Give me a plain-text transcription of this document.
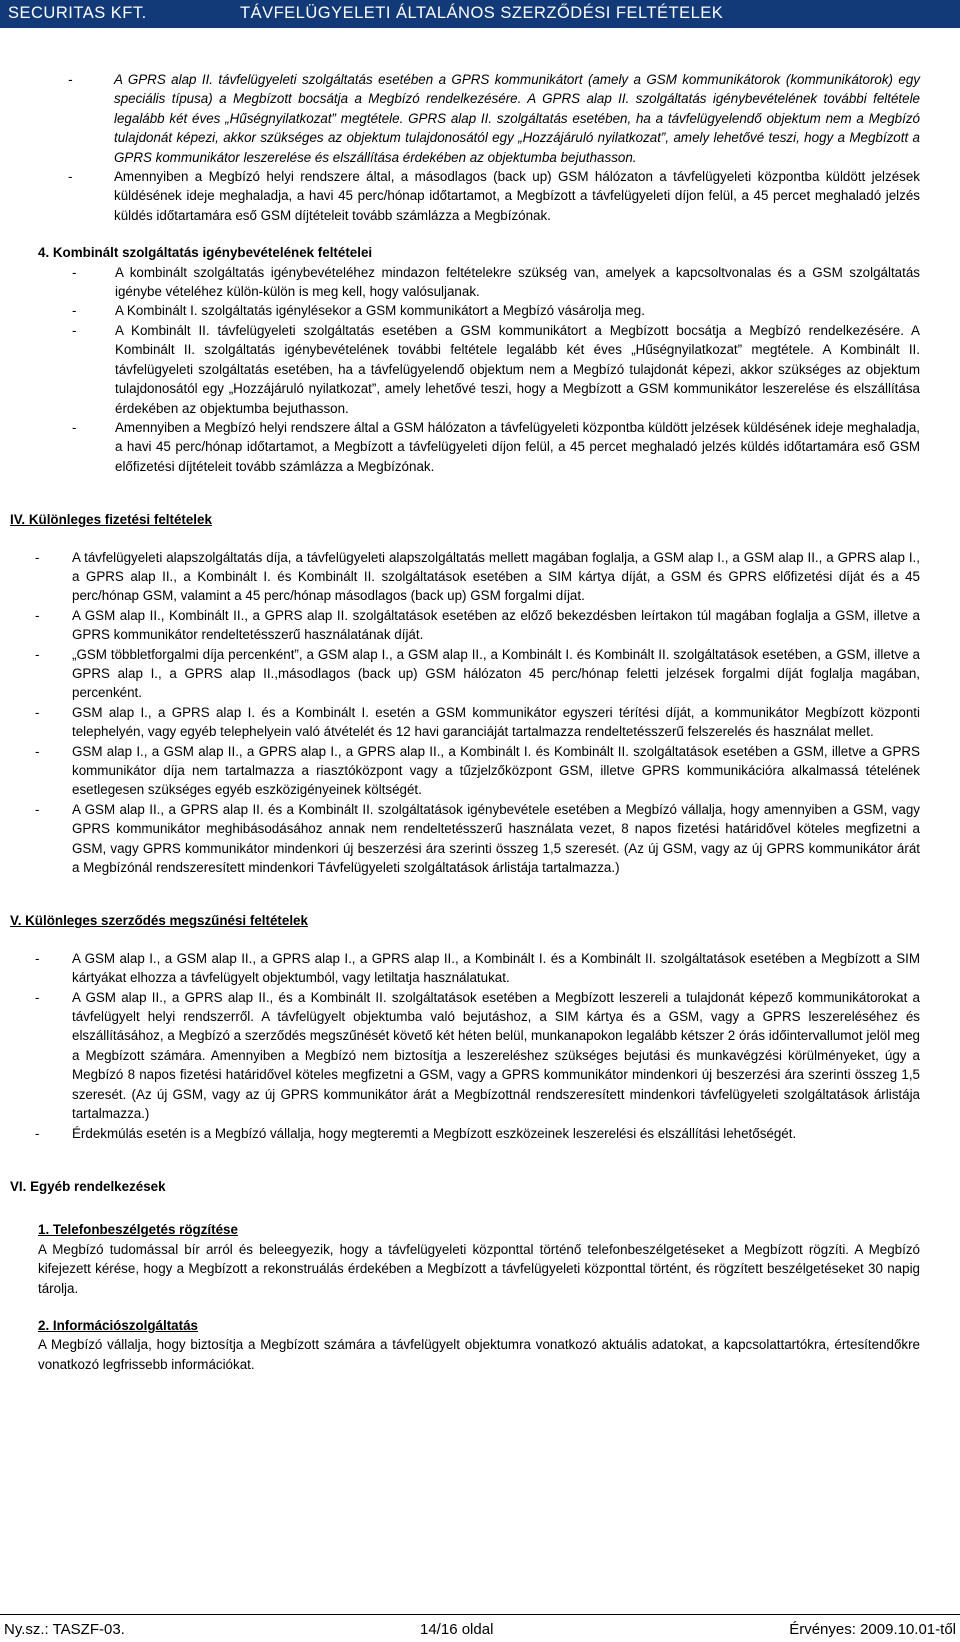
SECURITAS KFT.	TÁVFELÜGYELETI ÁLTALÁNOS SZERZŐDÉSI FELTÉTELEK
-	A GPRS alap II. távfelügyeleti szolgáltatás esetében a GPRS kommunikátort (amely a GSM kommunikátorok (kommunikátorok) egy speciális típusa) a Megbízott bocsátja a Megbízó rendelkezésére. A GPRS alap II. szolgáltatás igénybevételének további feltétele legalább két éves „Hűségnyilatkozat” megtétele. GPRS alap II. szolgáltatás esetében, ha a távfelügyelendő objektum nem a Megbízó tulajdonát képezi, akkor szükséges az objektum tulajdonosától egy „Hozzájáruló nyilatkozat”, amely lehetővé teszi, hogy a Megbízott a GPRS kommunikátor leszerelése és elszállítása érdekében az objektumba bejuthasson.
-	Amennyiben a Megbízó helyi rendszere által, a másodlagos (back up) GSM hálózaton a távfelügyeleti központba küldött jelzések küldésének ideje meghaladja, a havi 45 perc/hónap időtartamot, a Megbízott a távfelügyeleti díjon felül, a 45 percet meghaladó jelzés küldés időtartamára eső GSM díjtételeit tovább számlázza a Megbízónak.
4. Kombinált szolgáltatás igénybevételének feltételei
-	A kombinált szolgáltatás igénybevételéhez mindazon feltételekre szükség van, amelyek a kapcsoltvonalas és a GSM szolgáltatás igénybe vételéhez külön-külön is meg kell, hogy valósuljanak.
-	A Kombinált I. szolgáltatás igénylésekor a GSM kommunikátort a Megbízó vásárolja meg.
-	A Kombinált II. távfelügyeleti szolgáltatás esetében a GSM kommunikátort a Megbízott bocsátja a Megbízó rendelkezésére. A Kombinált II. szolgáltatás igénybevételének további feltétele legalább két éves „Hűségnyilatkozat” megtétele. A Kombinált II. távfelügyeleti szolgáltatás esetében, ha a távfelügyelendő objektum nem a Megbízó tulajdonát képezi, akkor szükséges az objektum tulajdonosától egy „Hozzájáruló nyilatkozat”, amely lehetővé teszi, hogy a Megbízott a GSM kommunikátor leszerelése és elszállítása érdekében az objektumba bejuthasson.
-	Amennyiben a Megbízó helyi rendszere által a GSM hálózaton a távfelügyeleti központba küldött jelzések küldésének ideje meghaladja, a havi 45 perc/hónap időtartamot, a Megbízott a távfelügyeleti díjon felül, a 45 percet meghaladó jelzés küldés időtartamára eső GSM előfizetési díjtételeit tovább számlázza a Megbízónak.
IV. Különleges fizetési feltételek
- A távfelügyeleti alapszolgáltatás díja, a távfelügyeleti alapszolgáltatás mellett magában foglalja, a GSM alap I., a GSM alap II., a GPRS alap I., a GPRS alap II., a Kombinált I. és Kombinált II. szolgáltatások esetében a SIM kártya díját, a GSM és GPRS előfizetési díját és a 45 perc/hónap GSM, valamint a 45 perc/hónap másodlagos (back up) GSM forgalmi díjat.
- A GSM alap II., Kombinált II., a GPRS alap II. szolgáltatások esetében az előző bekezdésben leírtakon túl magában foglalja a GSM, illetve a GPRS kommunikátor rendeltetésszerű használatának díját.
- „GSM többletforgalmi díja percenként”, a GSM alap I., a GSM alap II., a Kombinált I. és Kombinált II. szolgáltatások esetében, a GSM, illetve a GPRS alap I., a GPRS alap II.,másodlagos (back up) GSM hálózaton 45 perc/hónap feletti jelzések forgalmi díját foglalja magában, percenként.
- GSM alap I., a GPRS alap I. és a Kombinált I. esetén a GSM kommunikátor egyszeri térítési díját, a kommunikátor Megbízott központi telephelyén, vagy egyéb telephelyein való átvételét és 12 havi garanciáját tartalmazza rendeltetésszerű felszerelés és használat mellet.
- GSM alap I., a GSM alap II., a GPRS alap I., a GPRS alap II., a Kombinált I. és Kombinált II. szolgáltatások esetében a GSM, illetve a GPRS kommunikátor díja nem tartalmazza a riasztóközpont vagy a tűzjelzőközpont GSM, illetve GPRS kommunikációra alkalmassá tételének esetlegesen szükséges egyéb eszközigényeinek költségét.
- A GSM alap II., a GPRS alap II. és a Kombinált II. szolgáltatások igénybevétele esetében a Megbízó vállalja, hogy amennyiben a GSM, vagy GPRS kommunikátor meghibásodásához annak nem rendeltetésszerű használata vezet, 8 napos fizetési határidővel köteles megfizetni a GSM, vagy GPRS kommunikátor mindenkori új beszerzési ára szerinti összeg 1,5 szeresét. (Az új GSM, vagy az új GPRS kommunikátor árát a Megbízónál rendszeresített mindenkori Távfelügyeleti szolgáltatások árlistája tartalmazza.)
V. Különleges szerződés megszűnési feltételek
- A GSM alap I., a GSM alap II., a GPRS alap I., a GPRS alap II., a Kombinált I. és a Kombinált II. szolgáltatások esetében a Megbízott a SIM kártyákat elhozza a távfelügyelt objektumból, vagy letiltatja használatukat.
- A GSM alap II., a GPRS alap II., és a Kombinált II. szolgáltatások esetében a Megbízott leszereli a tulajdonát képező kommunikátorokat a távfelügyelt helyi rendszerről. A távfelügyelt objektumba való bejutáshoz, a SIM kártya és a GSM, vagy a GPRS leszereléséhez és elszállításához, a Megbízó a szerződés megszűnését követő két héten belül, munkanapokon legalább kétszer 2 órás időintervallumot jelöl meg a Megbízott számára. Amennyiben a Megbízó nem biztosítja a leszereléshez szükséges bejutási és munkavégzési körülményeket, úgy a Megbízó 8 napos fizetési határidővel köteles megfizetni a GSM, vagy a GPRS kommunikátor mindenkori új beszerzési ára szerinti összeg 1,5 szeresét. (Az új GSM, vagy az új GPRS kommunikátor árát a Megbízottnál rendszeresített mindenkori távfelügyeleti szolgáltatások árlistája tartalmazza.)
- Érdekmúlás esetén is a Megbízó vállalja, hogy megteremti a Megbízott eszközeinek leszerelési és elszállítási lehetőségét.
VI. Egyéb rendelkezések
1. Telefonbeszélgetés rögzítése
A Megbízó tudomással bír arról és beleegyezik, hogy a távfelügyeleti központtal történő telefonbeszélgetéseket a Megbízott rögzíti. A Megbízó kifejezett kérése, hogy a Megbízott a rekonstruálás érdekében a Megbízott a távfelügyeleti központtal történt, és rögzített beszélgetéseket 30 napig tárolja.
2. Információszolgáltatás
A Megbízó vállalja, hogy biztosítja a Megbízott számára a távfelügyelt objektumra vonatkozó aktuális adatokat, a kapcsolattartókra, értesítendőkre vonatkozó legfrissebb információkat.
Ny.sz.: TASZF-03.	14/16 oldal	Érvényes: 2009.10.01-től
